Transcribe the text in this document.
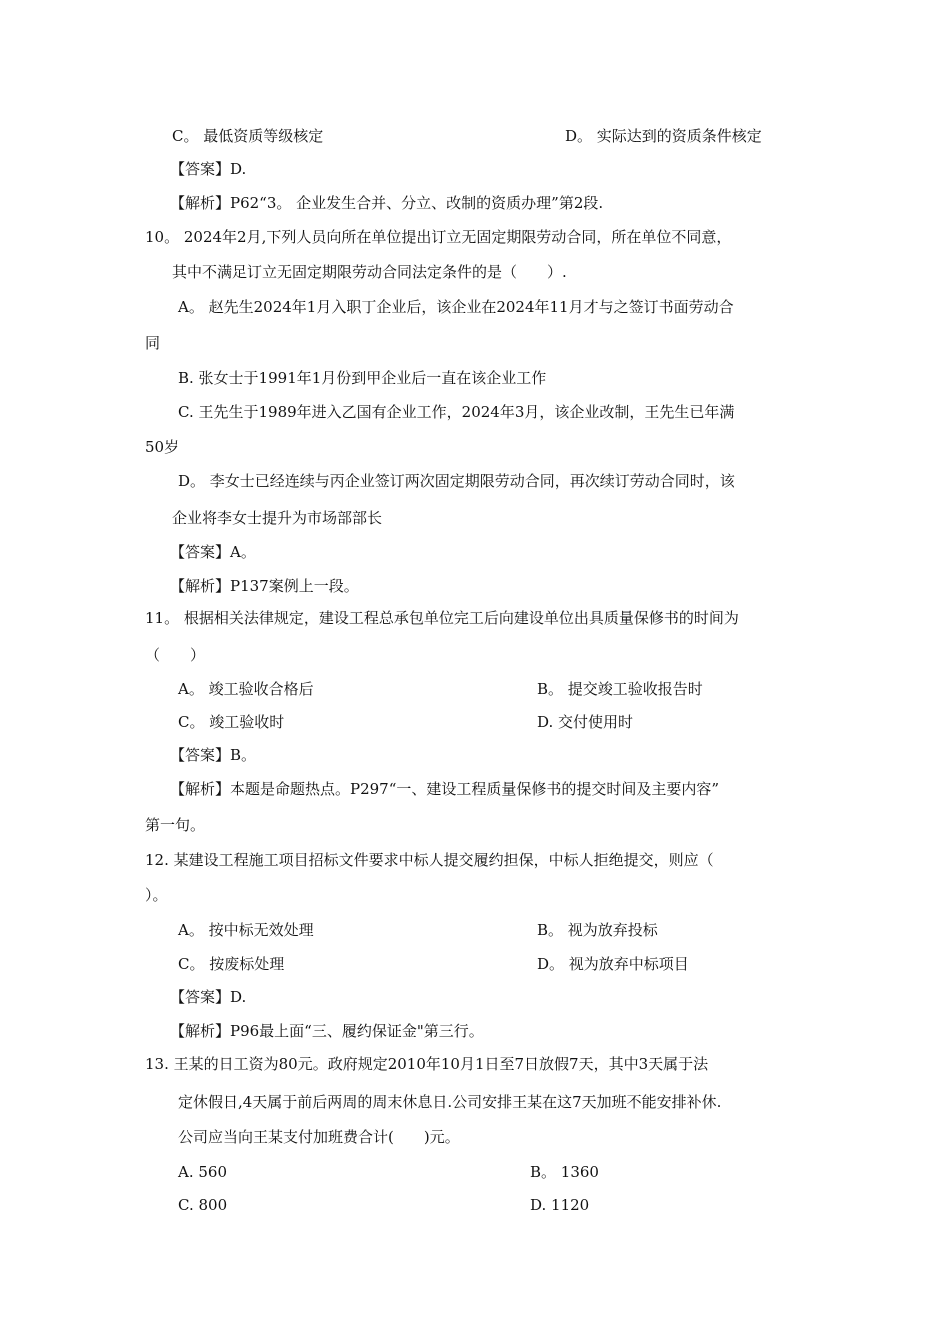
C。 最低资质等级核定	D。 实际达到的资质条件核定
【答案】D.
【解析】P62“3。 企业发生合并、分立、改制的资质办理”第2段.
10。 2024年2月,下列人员向所在单位提出订立无固定期限劳动合同，所在单位不同意，
其中不满足订立无固定期限劳动合同法定条件的是（　　）.
A。 赵先生2024年1月入职丁企业后，该企业在2024年11月才与之签订书面劳动合
同
B. 张女士于1991年1月份到甲企业后一直在该企业工作
C. 王先生于1989年进入乙国有企业工作，2024年3月，该企业改制，王先生已年满
50岁
D。 李女士已经连续与丙企业签订两次固定期限劳动合同，再次续订劳动合同时，该
企业将李女士提升为市场部部长
【答案】A。
【解析】P137案例上一段。
11。 根据相关法律规定，建设工程总承包单位完工后向建设单位出具质量保修书的时间为
（　　）
A。 竣工验收合格后	B。 提交竣工验收报告时
C。 竣工验收时	D. 交付使用时
【答案】B。
【解析】本题是命题热点。P297“一、建设工程质量保修书的提交时间及主要内容”
第一句。
12. 某建设工程施工项目招标文件要求中标人提交履约担保，中标人拒绝提交，则应（
）。
A。 按中标无效处理	B。 视为放弃投标
C。 按废标处理	D。 视为放弃中标项目
【答案】D.
【解析】P96最上面“三、履约保证金"第三行。
13. 王某的日工资为80元。政府规定2010年10月1日至7日放假7天，其中3天属于法
定休假日,4天属于前后两周的周末休息日.公司安排王某在这7天加班不能安排补休.
公司应当向王某支付加班费合计(　　)元。
A. 560	B。 1360
C. 800	D. 1120
